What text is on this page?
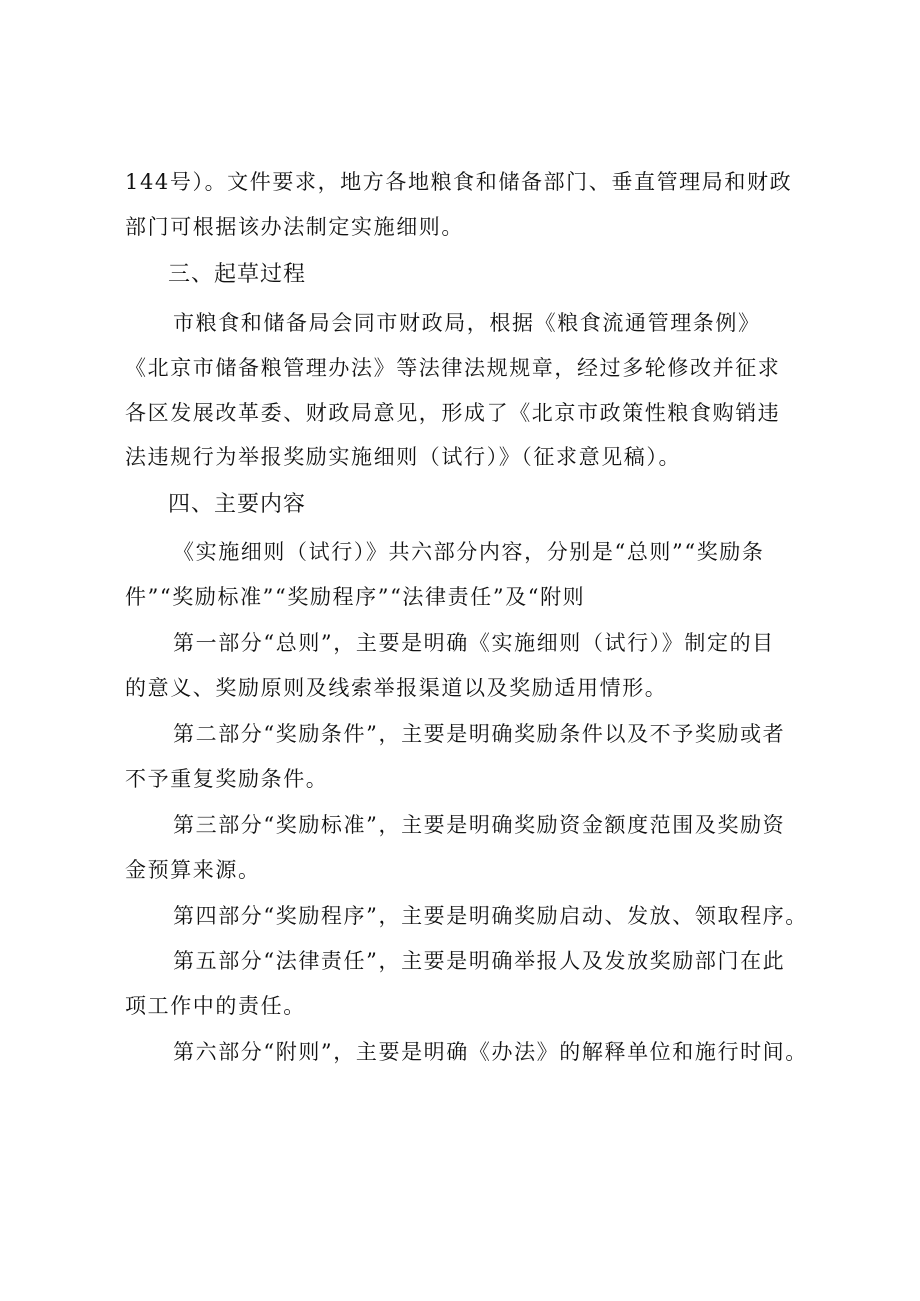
144号）。文件要求，地方各地粮食和储备部门、垂直管理局和财政
部门可根据该办法制定实施细则。
三、起草过程
市粮食和储备局会同市财政局，根据《粮食流通管理条例》
《北京市储备粮管理办法》等法律法规规章，经过多轮修改并征求
各区发展改革委、财政局意见，形成了《北京市政策性粮食购销违
法违规行为举报奖励实施细则（试行）》（征求意见稿）。
四、主要内容
《实施细则（试行）》共六部分内容，分别是“总则”“奖励条
件”“奖励标准”“奖励程序”“法律责任”及“附则
第一部分“总则”，主要是明确《实施细则（试行）》制定的目
的意义、奖励原则及线索举报渠道以及奖励适用情形。
第二部分“奖励条件”，主要是明确奖励条件以及不予奖励或者
不予重复奖励条件。
第三部分“奖励标准”，主要是明确奖励资金额度范围及奖励资
金预算来源。
第四部分“奖励程序”，主要是明确奖励启动、发放、领取程序。
第五部分“法律责任”，主要是明确举报人及发放奖励部门在此
项工作中的责任。
第六部分“附则”，主要是明确《办法》的解释单位和施行时间。
